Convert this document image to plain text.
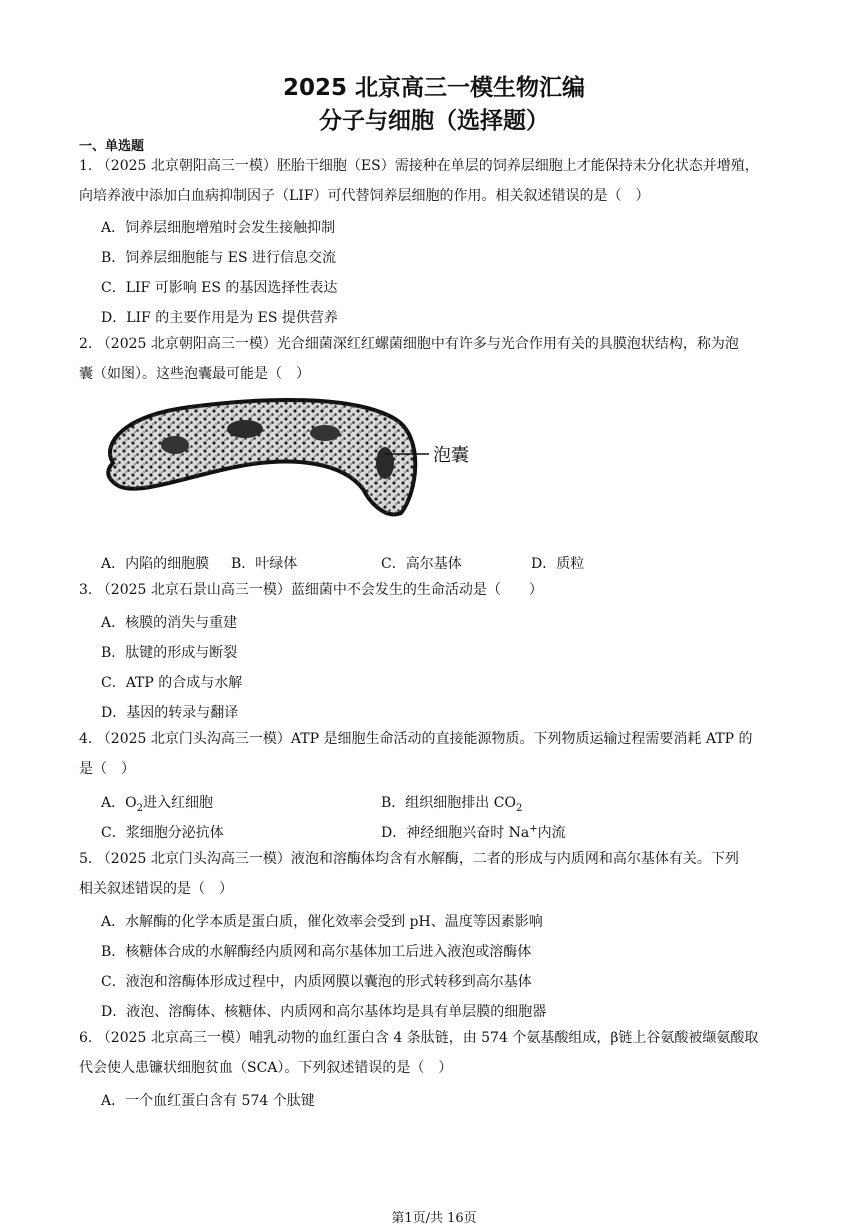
2025 北京高三一模生物汇编
分子与细胞（选择题）
一、单选题
1. （2025 北京朝阳高三一模）胚胎干细胞（ES）需接种在单层的饲养层细胞上才能保持未分化状态并增殖，
向培养液中添加白血病抑制因子（LIF）可代替饲养层细胞的作用。相关叙述错误的是（　）
A．饲养层细胞增殖时会发生接触抑制
B．饲养层细胞能与 ES 进行信息交流
C．LIF 可影响 ES 的基因选择性表达
D．LIF 的主要作用是为 ES 提供营养
2. （2025 北京朝阳高三一模）光合细菌深红红螺菌细胞中有许多与光合作用有关的具膜泡状结构，称为泡
囊（如图）。这些泡囊最可能是（　）
泡囊
A．内陷的细胞膜 B．叶绿体	C．高尔基体	D．质粒
3. （2025 北京石景山高三一模）蓝细菌中不会发生的生命活动是（　　）
A．核膜的消失与重建
B．肽键的形成与断裂
C．ATP 的合成与水解
D．基因的转录与翻译
4. （2025 北京门头沟高三一模）ATP 是细胞生命活动的直接能源物质。下列物质运输过程需要消耗 ATP 的
是（　）
A．$O_2$进入红细胞	B．组织细胞排出 $CO_2$
C．浆细胞分泌抗体	D．神经细胞兴奋时 Na+内流
5. （2025 北京门头沟高三一模）液泡和溶酶体均含有水解酶，二者的形成与内质网和高尔基体有关。下列
相关叙述错误的是（　）
A．水解酶的化学本质是蛋白质，催化效率会受到 pH、温度等因素影响
B．核糖体合成的水解酶经内质网和高尔基体加工后进入液泡或溶酶体
C．液泡和溶酶体形成过程中，内质网膜以囊泡的形式转移到高尔基体
D．液泡、溶酶体、核糖体、内质网和高尔基体均是具有单层膜的细胞器
6. （2025 北京高三一模）哺乳动物的血红蛋白含 4 条肽链，由 574 个氨基酸组成，β链上谷氨酸被缬氨酸取
代会使人患镰状细胞贫血（SCA）。下列叙述错误的是（　）
A．一个血红蛋白含有 574 个肽键
第1页/共 16页
